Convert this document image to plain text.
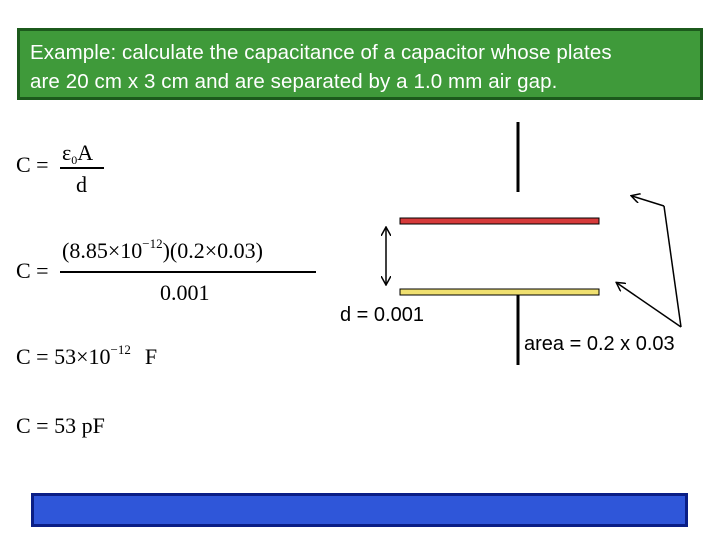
Example: calculate the capacitance of a capacitor whose plates
are 20 cm x 3 cm and are separated by a 1.0 mm air gap.
$C = \varepsilon_0A$
d
C =
$(8.85\times 10^{-12})(0.2\times 0.03)$
0.001
$C = 53\times 10^{-12}$ F
C = 53 pF
d = 0.001
area = 0.2 x 0.03
